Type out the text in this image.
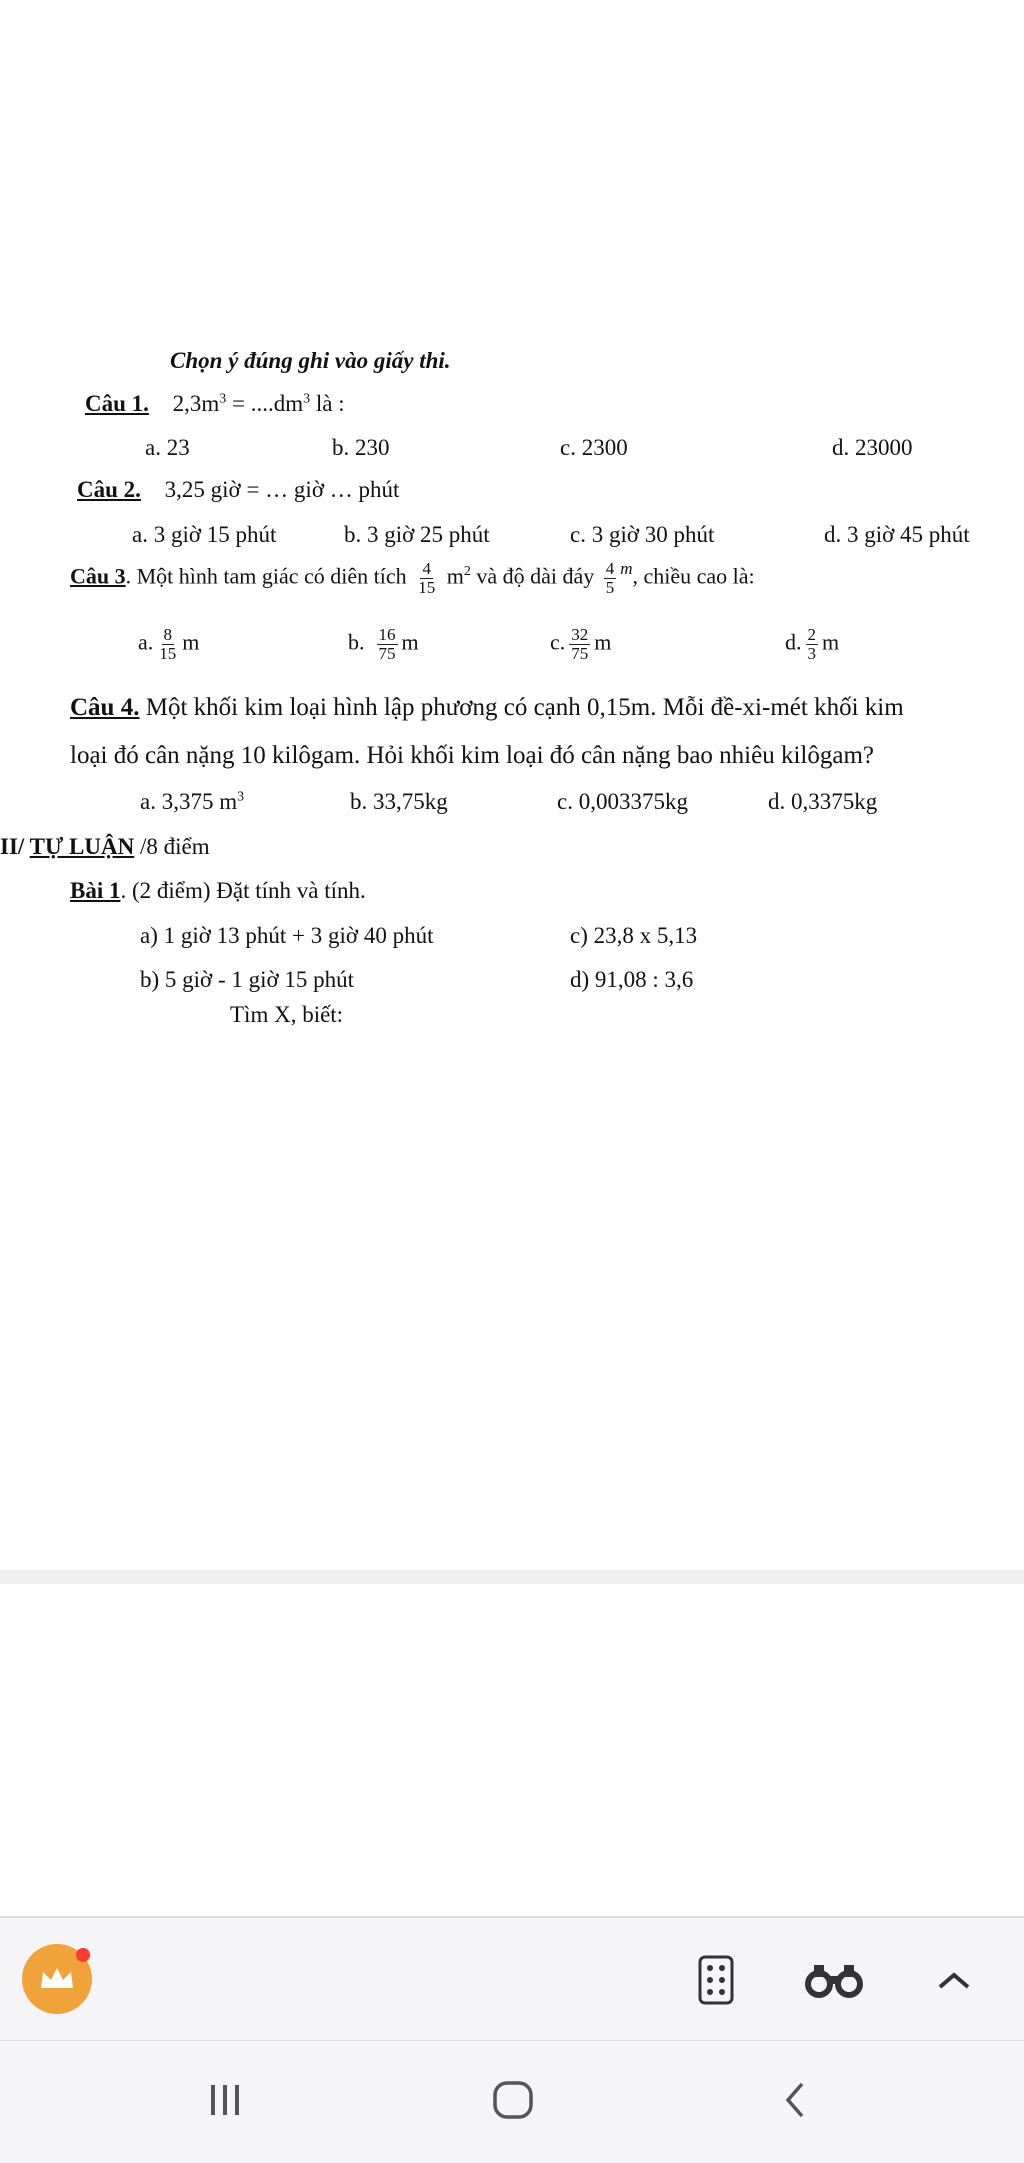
Chọn ý đúng ghi vào giấy thi.
Câu 1. $2,3m^3 = ....dm^3$ là :
a. 23	b. 230	c. 2300	d. 23000
Câu 2. 3,25 giờ = … giờ … phút
a. 3 giờ 15 phút	b. 3 giờ 25 phút	c. 3 giờ 30 phút	d. 3 giờ 45 phút
Câu 3. Một hình tam giác có diên tích $\frac{4}{15} m^2$ và độ dài đáy $\frac{4}{5} ^m$, chiều cao là:
a. $\frac{8}{15}$ m	b. $\frac{16}{75}$ m	c. $\frac{32}{75}$ m	d. $\frac{2}{3}$ m
Câu 4. Một khối kim loại hình lập phương có cạnh 0,15m. Mỗi đề-xi-mét khối kim
loại đó cân nặng 10 kilôgam. Hỏi khối kim loại đó cân nặng bao nhiêu kilôgam?
a. 3,375 $m^3$	b. 33,75kg	c. 0,003375kg	d. 0,3375kg
II/ TỰ LUẬN /8 điểm
Bài 1. (2 điểm) Đặt tính và tính.
a) 1 giờ 13 phút + 3 giờ 40 phút	c) 23,8 x 5,13
b) 5 giờ - 1 giờ 15 phút	d) 91,08 : 3,6
Tìm X, biết:
